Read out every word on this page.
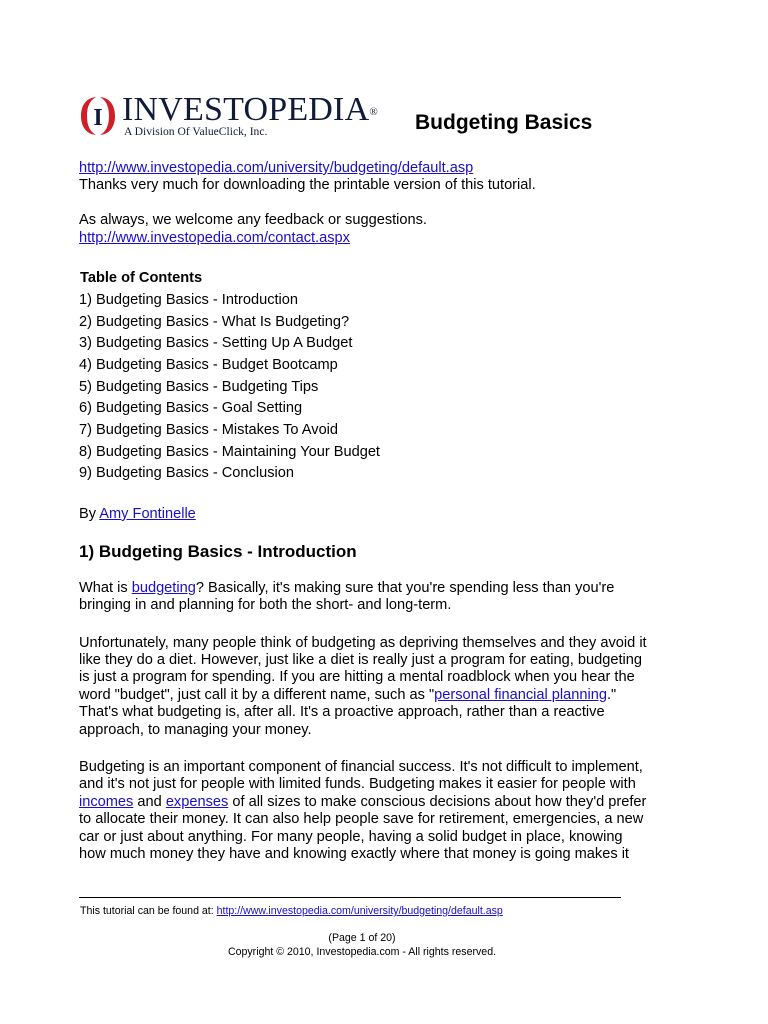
I INVESTOPEDIA®
A Division Of ValueClick, Inc.	Budgeting Basics
http://www.investopedia.com/university/budgeting/default.asp
Thanks very much for downloading the printable version of this tutorial.
As always, we welcome any feedback or suggestions.
http://www.investopedia.com/contact.aspx
Table of Contents
1) Budgeting Basics - Introduction
2) Budgeting Basics - What Is Budgeting?
3) Budgeting Basics - Setting Up A Budget
4) Budgeting Basics - Budget Bootcamp
5) Budgeting Basics - Budgeting Tips
6) Budgeting Basics - Goal Setting
7) Budgeting Basics - Mistakes To Avoid
8) Budgeting Basics - Maintaining Your Budget
9) Budgeting Basics - Conclusion
By Amy Fontinelle
1) Budgeting Basics - Introduction
What is budgeting? Basically, it's making sure that you're spending less than you're
bringing in and planning for both the short- and long-term.
Unfortunately, many people think of budgeting as depriving themselves and they avoid it
like they do a diet. However, just like a diet is really just a program for eating, budgeting
is just a program for spending. If you are hitting a mental roadblock when you hear the
word "budget", just call it by a different name, such as "personal financial planning."
That's what budgeting is, after all. It's a proactive approach, rather than a reactive
approach, to managing your money.
Budgeting is an important component of financial success. It's not difficult to implement,
and it's not just for people with limited funds. Budgeting makes it easier for people with
incomes and expenses of all sizes to make conscious decisions about how they'd prefer
to allocate their money. It can also help people save for retirement, emergencies, a new
car or just about anything. For many people, having a solid budget in place, knowing
how much money they have and knowing exactly where that money is going makes it
This tutorial can be found at: http://www.investopedia.com/university/budgeting/default.asp
(Page 1 of 20)
Copyright © 2010, Investopedia.com - All rights reserved.
